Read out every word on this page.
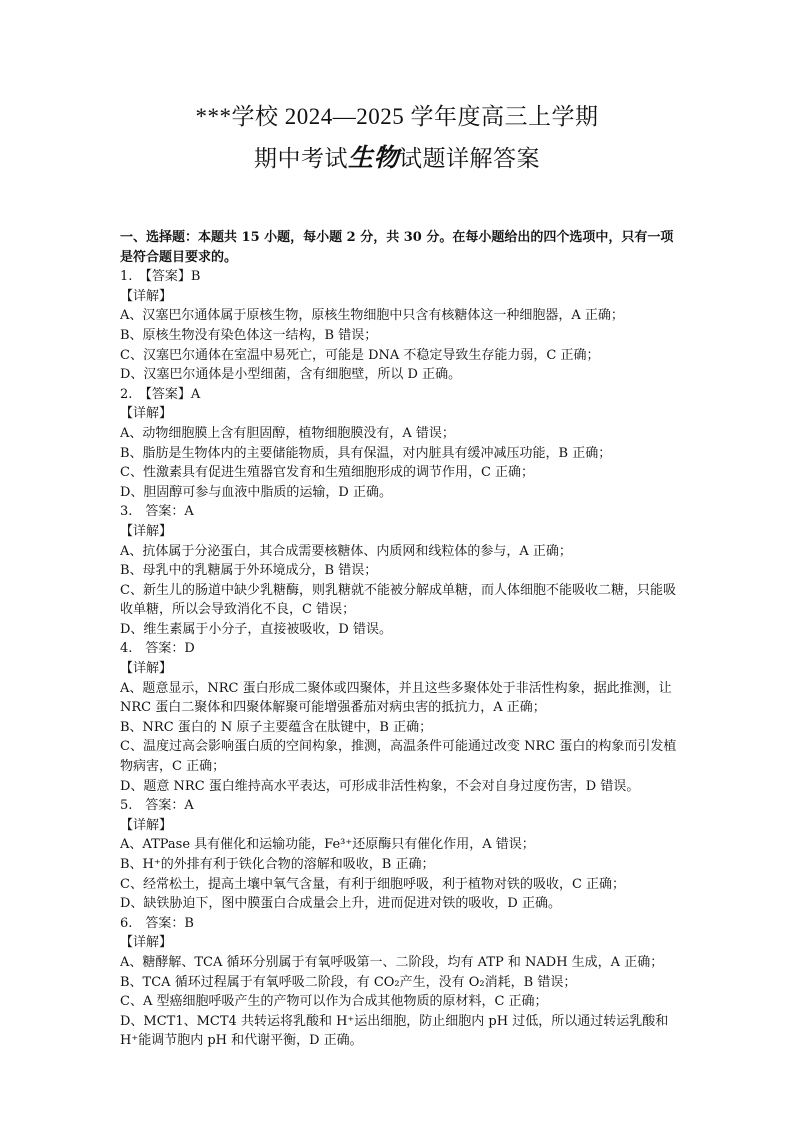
***学校 2024—2025 学年度高三上学期
期中考试生物试题详解答案
一、选择题：本题共 15 小题，每小题 2 分，共 30 分。在每小题给出的四个选项中，只有一项是符合题目要求的。
1.　【答案】B
【详解】
A、汉塞巴尔通体属于原核生物，原核生物细胞中只含有核糖体这一种细胞器，A 正确；
B、原核生物没有染色体这一结构，B 错误；
C、汉塞巴尔通体在室温中易死亡，可能是 DNA 不稳定导致生存能力弱，C 正确；
D、汉塞巴尔通体是小型细菌，含有细胞壁，所以 D 正确。
2.　【答案】A
【详解】
A、动物细胞膜上含有胆固醇，植物细胞膜没有，A 错误；
B、脂肪是生物体内的主要储能物质，具有保温，对内脏具有缓冲减压功能，B 正确；
C、性激素具有促进生殖器官发育和生殖细胞形成的调节作用，C 正确；
D、胆固醇可参与血液中脂质的运输，D 正确。
3.　答案：A
【详解】
A、抗体属于分泌蛋白，其合成需要核糖体、内质网和线粒体的参与，A 正确；
B、母乳中的乳糖属于外环境成分，B 错误；
C、新生儿的肠道中缺少乳糖酶，则乳糖就不能被分解成单糖，而人体细胞不能吸收二糖，只能吸收单糖，所以会导致消化不良，C 错误；
D、维生素属于小分子，直接被吸收，D 错误。
4.　答案：D
【详解】
A、题意显示，NRC 蛋白形成二聚体或四聚体，并且这些多聚体处于非活性构象，据此推测，让 NRC 蛋白二聚体和四聚体解聚可能增强番茄对病虫害的抵抗力，A 正确；
B、NRC 蛋白的 N 原子主要蕴含在肽键中，B 正确；
C、温度过高会影响蛋白质的空间构象，推测，高温条件可能通过改变 NRC 蛋白的构象而引发植物病害，C 正确；
D、题意 NRC 蛋白维持高水平表达，可形成非活性构象，不会对自身过度伤害，D 错误。
5.　答案：A
【详解】
A、ATPase 具有催化和运输功能，Fe³⁺还原酶只有催化作用，A 错误；
B、H⁺的外排有利于铁化合物的溶解和吸收，B 正确；
C、经常松土，提高土壤中氧气含量，有利于细胞呼吸，利于植物对铁的吸收，C 正确；
D、缺铁胁迫下，图中膜蛋白合成量会上升，进而促进对铁的吸收，D 正确。
6.　答案：B
【详解】
A、糖酵解、TCA 循环分别属于有氧呼吸第一、二阶段，均有 ATP 和 NADH 生成，A 正确；
B、TCA 循环过程属于有氧呼吸二阶段，有 CO₂产生，没有 O₂消耗，B 错误；
C、A 型癌细胞呼吸产生的产物可以作为合成其他物质的原材料，C 正确；
D、MCT1、MCT4 共转运将乳酸和 H⁺运出细胞，防止细胞内 pH 过低，所以通过转运乳酸和 H⁺能调节胞内 pH 和代谢平衡，D 正确。
